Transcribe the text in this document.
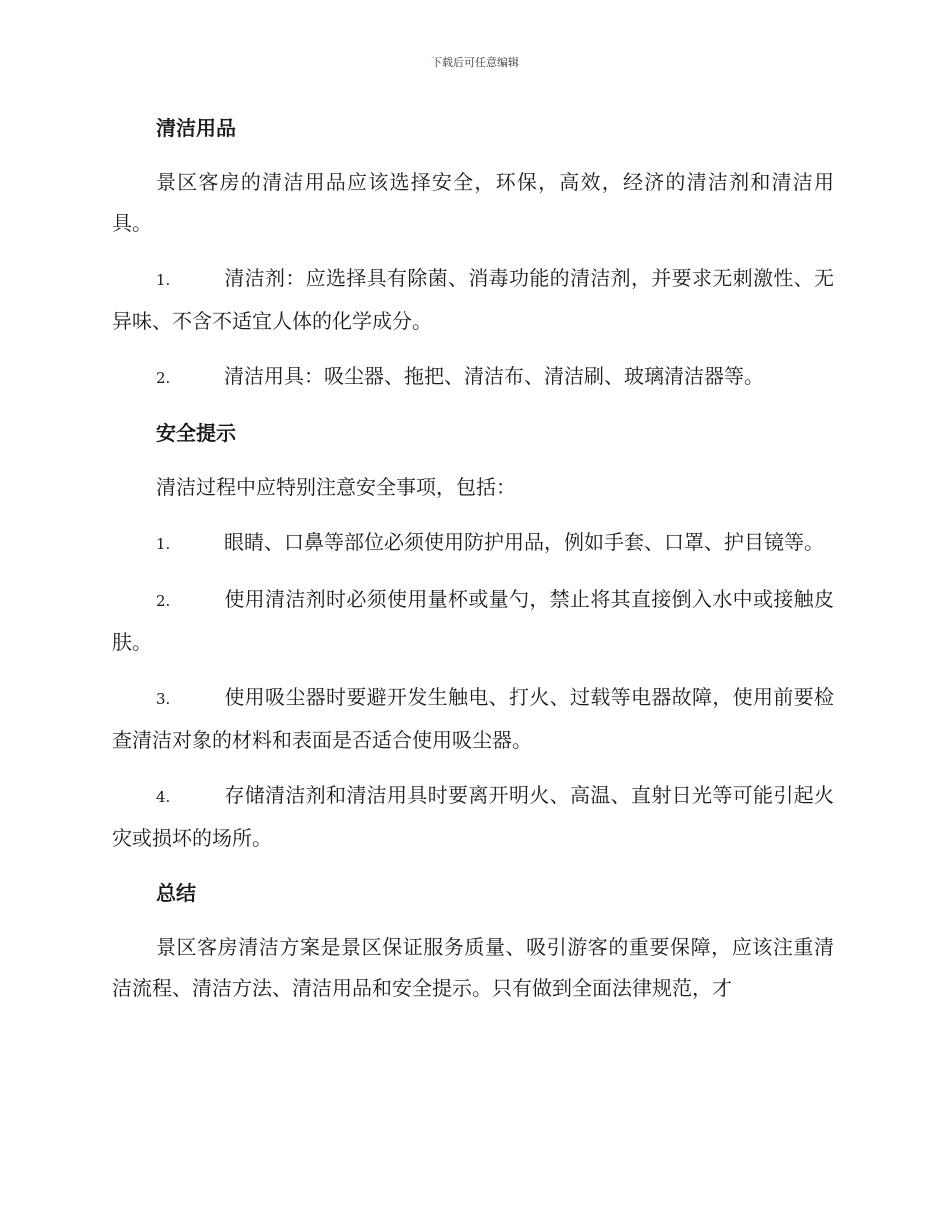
下载后可任意编辑
清洁用品

景区客房的清洁用品应该选择安全，环保，高效，经济的清洁剂和清洁用具。

1.	清洁剂：应选择具有除菌、消毒功能的清洁剂，并要求无刺激性、无异味、不含不适宜人体的化学成分。

2.	清洁用具：吸尘器、拖把、清洁布、清洁刷、玻璃清洁器等。

安全提示

清洁过程中应特别注意安全事项，包括：

1.	眼睛、口鼻等部位必须使用防护用品，例如手套、口罩、护目镜等。

2.	使用清洁剂时必须使用量杯或量勺，禁止将其直接倒入水中或接触皮肤。

3.	使用吸尘器时要避开发生触电、打火、过载等电器故障，使用前要检查清洁对象的材料和表面是否适合使用吸尘器。

4.	存储清洁剂和清洁用具时要离开明火、高温、直射日光等可能引起火灾或损坏的场所。

总结

景区客房清洁方案是景区保证服务质量、吸引游客的重要保障，应该注重清洁流程、清洁方法、清洁用品和安全提示。只有做到全面法律规范，才
